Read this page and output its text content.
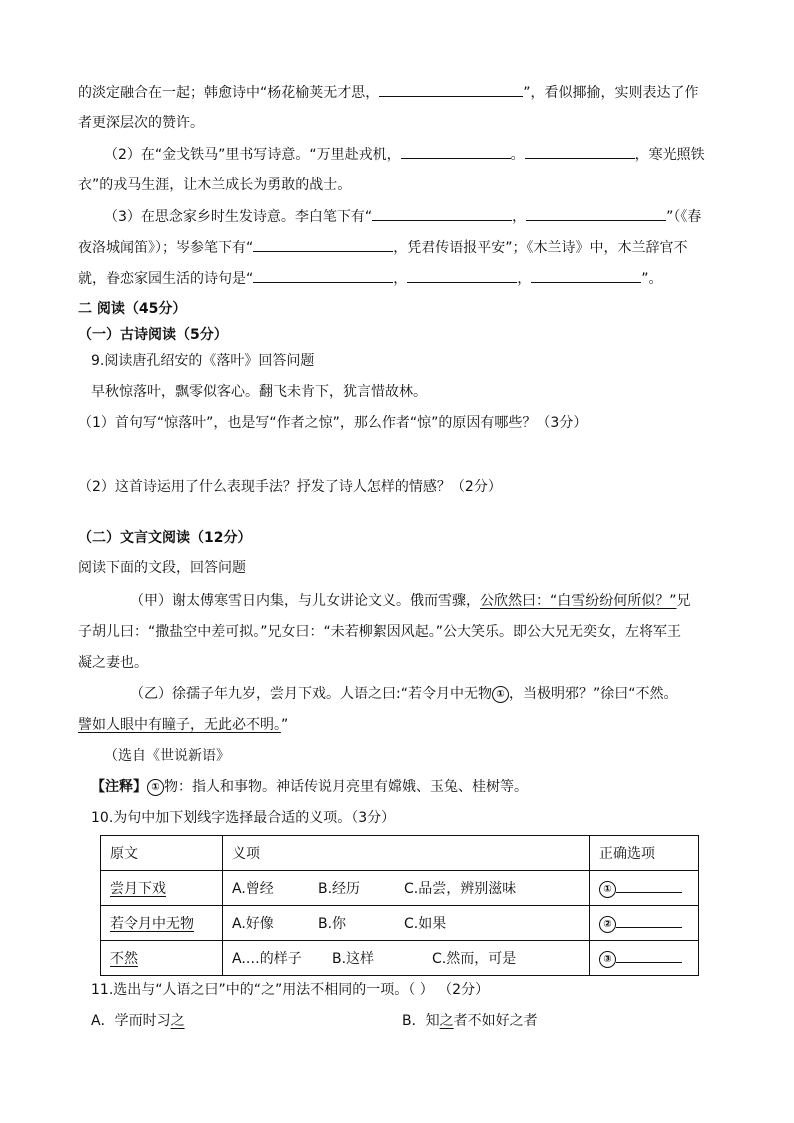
的淡定融合在一起；韩愈诗中“杨花榆荚无才思，	”，看似揶揄，实则表达了作
者更深层次的赞许。
（2）在“金戈铁马”里书写诗意。“万里赴戎机，	。	，寒光照铁
衣”的戎马生涯，让木兰成长为勇敢的战士。
（3）在思念家乡时生发诗意。李白笔下有“	，	”（《春
夜洛城闻笛》）；岑参笔下有“	，凭君传语报平安”；《木兰诗》中，木兰辞官不
就，眷恋家园生活的诗句是“	，	，	”。
二 阅读（45分）
（一）古诗阅读（5分）
9.阅读唐孔绍安的《落叶》回答问题
早秋惊落叶，飘零似客心。翻飞未肯下，犹言惜故林。
（1）首句写“惊落叶”，也是写“作者之惊”，那么作者“惊”的原因有哪些？（3分）
（2）这首诗运用了什么表现手法？抒发了诗人怎样的情感？（2分）
（二）文言文阅读（12分）
阅读下面的文段，回答问题
（甲）谢太傅寒雪日内集，与儿女讲论文义。俄而雪骤，公欣然曰：“白雪纷纷何所似？”兄
子胡儿曰：“撒盐空中差可拟。”兄女曰：“未若柳絮因风起。”公大笑乐。即公大兄无奕女，左将军王
凝之妻也。
（乙）徐孺子年九岁，尝月下戏。人语之曰:“若令月中无物 ① ，当极明邪？”徐曰“不然。
譬如人眼中有瞳子，无此必不明。”
（选自《世说新语》
【注释】 ① 物：指人和事物。神话传说月亮里有嫦娥、玉兔、桂树等。
10.为句中加下划线字选择最合适的义项。（3分）
原文	义项	正确选项
尝月下戏	A.曾经 B.经历 C.品尝，辨别滋味	①
若令月中无物	A.好像 B.你 C.如果	②
不然	A.…的样子 B.这样 C.然而，可是	③
11.选出与“人语之曰”中的“之”用法不相同的一项。（ ） （2分）
A．学而时习之	B．知之者不如好之者
